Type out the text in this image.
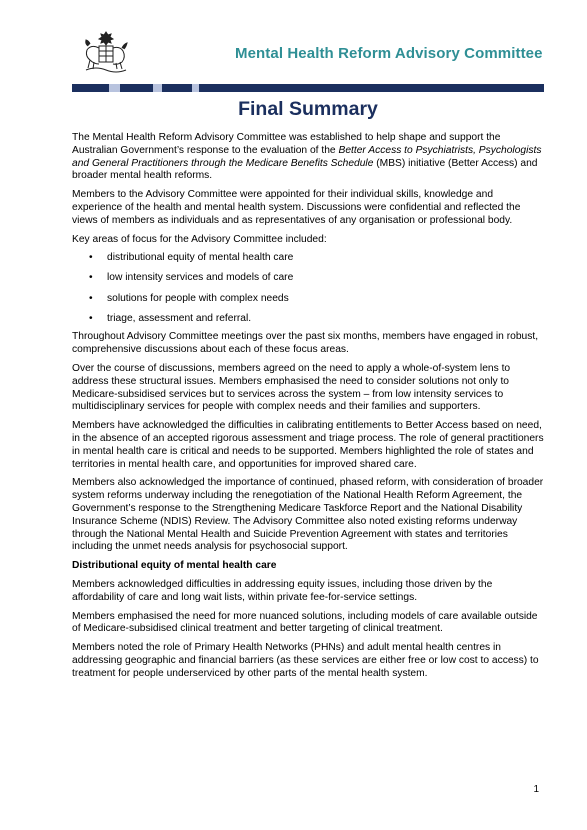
Mental Health Reform Advisory Committee
Final Summary

The Mental Health Reform Advisory Committee was established to help shape and support the Australian Government’s response to the evaluation of the Better Access to Psychiatrists, Psychologists and General Practitioners through the Medicare Benefits Schedule (MBS) initiative (Better Access) and broader mental health reforms.

Members to the Advisory Committee were appointed for their individual skills, knowledge and experience of the health and mental health system. Discussions were confidential and reflected the views of members as individuals and as representatives of any organisation or professional body.

Key areas of focus for the Advisory Committee included:

• distributional equity of mental health care
• low intensity services and models of care
• solutions for people with complex needs
• triage, assessment and referral.

Throughout Advisory Committee meetings over the past six months, members have engaged in robust, comprehensive discussions about each of these focus areas.

Over the course of discussions, members agreed on the need to apply a whole-of-system lens to address these structural issues. Members emphasised the need to consider solutions not only to Medicare-subsidised services but to services across the system – from low intensity services to multidisciplinary services for people with complex needs and their families and supporters.

Members have acknowledged the difficulties in calibrating entitlements to Better Access based on need, in the absence of an accepted rigorous assessment and triage process. The role of general practitioners in mental health care is critical and needs to be supported. Members highlighted the role of states and territories in mental health care, and opportunities for improved shared care.

Members also acknowledged the importance of continued, phased reform, with consideration of broader system reforms underway including the renegotiation of the National Health Reform Agreement, the Government’s response to the Strengthening Medicare Taskforce Report and the National Disability Insurance Scheme (NDIS) Review. The Advisory Committee also noted existing reforms underway through the National Mental Health and Suicide Prevention Agreement with states and territories including the unmet needs analysis for psychosocial support.

Distributional equity of mental health care

Members acknowledged difficulties in addressing equity issues, including those driven by the affordability of care and long wait lists, within private fee-for-service settings.

Members emphasised the need for more nuanced solutions, including models of care available outside of Medicare-subsidised clinical treatment and better targeting of clinical treatment.

Members noted the role of Primary Health Networks (PHNs) and adult mental health centres in addressing geographic and financial barriers (as these services are either free or low cost to access) to treatment for people underserviced by other parts of the mental health system.

1
